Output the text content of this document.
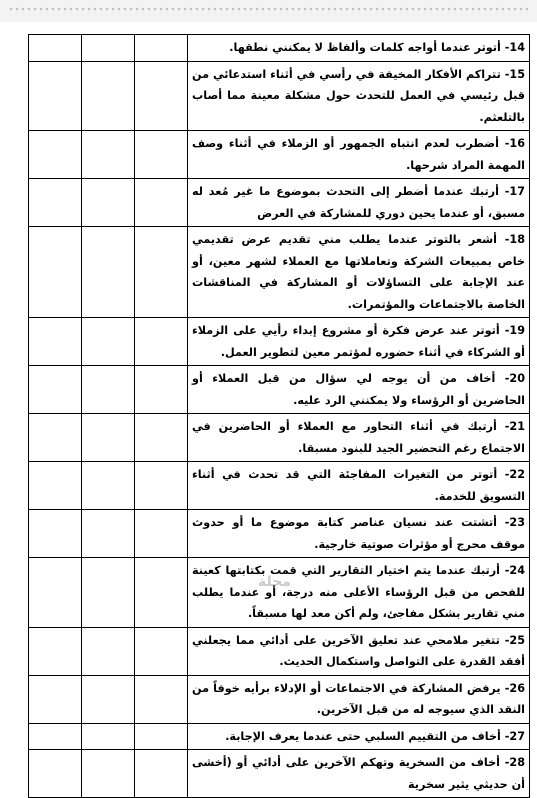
14- أتوتر عندما أواجه كلمات وألفاظ لا يمكنني نطقها.			
15- تتراكم الأفكار المخيفة في رأسي في أثناء استدعائي من قبل رئيسي في العمل للتحدث حول مشكلة معينة مما أصاب بالتلعثم.			
16- أضطرب لعدم انتباه الجمهور أو الزملاء في أثناء وصف المهمة المراد شرحها.			
17- أرتبك عندما أضطر إلى التحدث بموضوع ما غير مُعد له مسبق، أو عندما يحين دوري للمشاركة في العرض			
18- أشعر بالتوتر عندما يطلب مني تقديم عرض تقديمي خاص بمبيعات الشركة وتعاملاتها مع العملاء لشهر معين، أو عند الإجابة على التساؤلات أو المشاركة في المناقشات الخاصة بالاجتماعات والمؤتمرات.			
19- أتوتر عند عرض فكرة أو مشروع إبداء رأيي على الزملاء أو الشركاء في أثناء حضوره لمؤتمر معين لتطوير العمل.			
20- أخاف من أن يوجه لي سؤال من قبل العملاء أو الحاضرين أو الرؤساء ولا يمكنني الرد عليه.			
21- أرتبك في أثناء التحاور مع العملاء أو الحاضرين في الاجتماع رغم التحضير الجيد للبنود مسبقا.			
22- أتوتر من التغيرات المفاجئة التي قد تحدث في أثناء التسويق للخدمة.			
23- أتشتت عند نسيان عناصر كتابة موضوع ما أو حدوث موقف محرج أو مؤثرات صوتية خارجية.			
24- أرتبك عندما يتم اختيار التقارير التي قمت بكتابتها كعينة للفحص من قبل الرؤساء الأعلى منه درجة، أو عندما يطلب مني تقارير بشكل مفاجئ، ولم أكن معد لها مسبقاً.			
25- تتغير ملامحي عند تعليق الآخرين على أدائي مما يجعلني أفقد القدرة على التواصل واستكمال الحديث.			
26- يرفض المشاركة في الاجتماعات أو الإدلاء برأيه خوفاً من النقد الذي سيوجه له من قبل الآخرين.			
27- أخاف من التقييم السلبي حتى عندما يعرف الإجابة.			
28- أخاف من السخرية وتهكم الآخرين على أدائي أو (أخشى أن حديثي يثير سخرية			
مجلة
